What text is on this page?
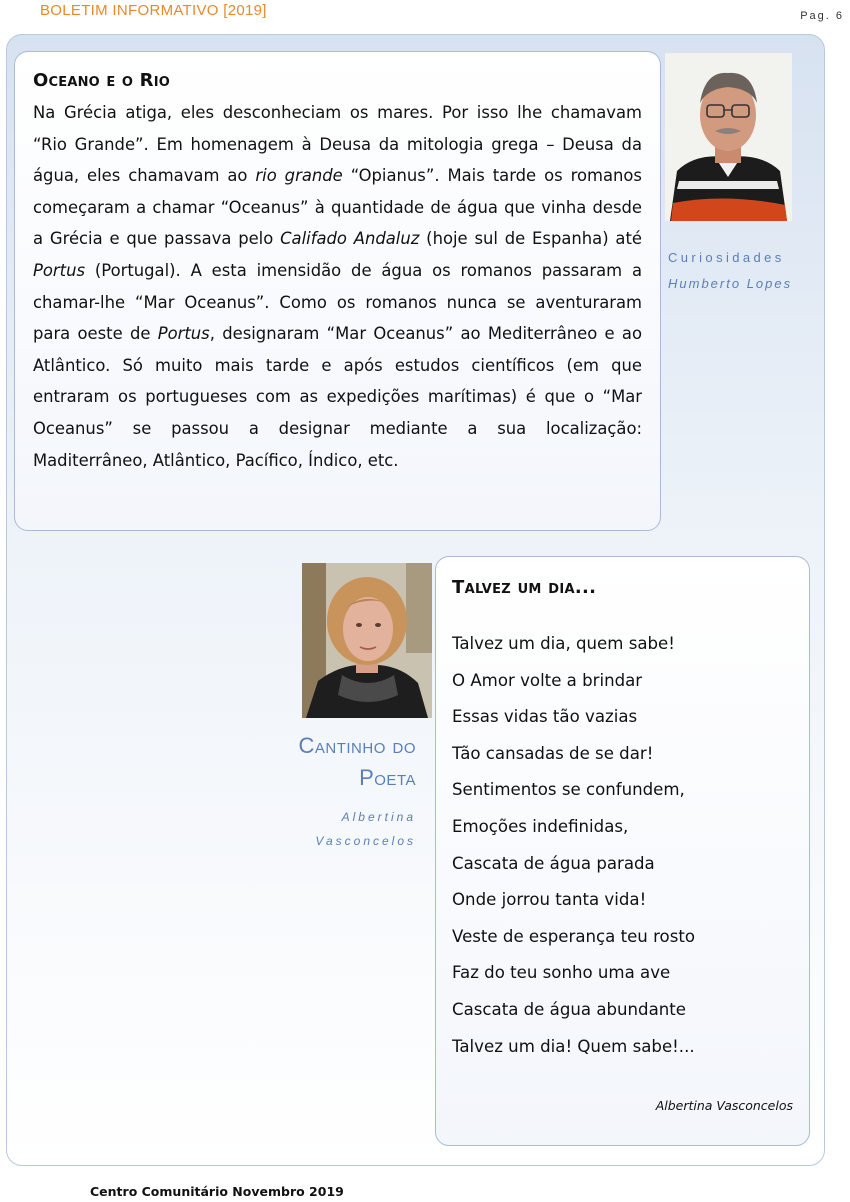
BOLETIM INFORMATIVO [2019]	Pag. 6
Oceano e o Rio
Na Grécia atiga, eles desconheciam os mares. Por isso lhe chamavam “Rio Grande”. Em homenagem à Deusa da mitologia grega – Deusa da água, eles chamavam ao rio grande “Opianus”. Mais tarde os romanos começaram a chamar “Oceanus” à quantidade de água que vinha desde a Grécia e que passava pelo Califado Andaluz (hoje sul de Espanha) até Portus (Portugal). A esta imensidão de água os romanos passaram a chamar-lhe “Mar Oceanus”. Como os romanos nunca se aventuraram para oeste de Portus, designaram “Mar Oceanus” ao Mediterrâneo e ao Atlântico. Só muito mais tarde e após estudos científicos (em que entraram os portugueses com as expedições marítimas) é que o “Mar Oceanus” se passou a designar mediante a sua localização: Maditerrâneo, Atlântico, Pacífico, Índico, etc.
Curiosidades
Humberto Lopes
Cantinho do
Poeta
Albertina
Vasconcelos
Talvez um dia...
Talvez um dia, quem sabe!
O Amor volte a brindar
Essas vidas tão vazias
Tão cansadas de se dar!
Sentimentos se confundem,
Emoções indefinidas,
Cascata de água parada
Onde jorrou tanta vida!
Veste de esperança teu rosto
Faz do teu sonho uma ave
Cascata de água abundante
Talvez um dia! Quem sabe!...
Albertina Vasconcelos
Centro Comunitário Novembro 2019
